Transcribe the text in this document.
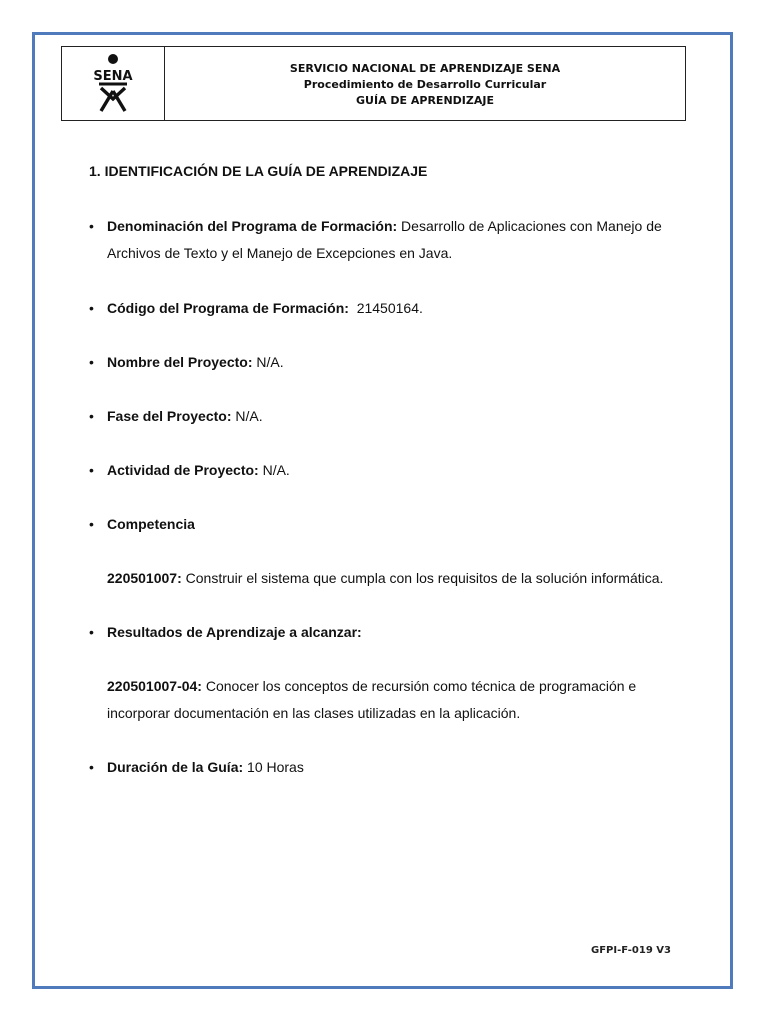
SENA
SERVICIO NACIONAL DE APRENDIZAJE SENA
Procedimiento de Desarrollo Curricular
GUÍA DE APRENDIZAJE

1. IDENTIFICACIÓN DE LA GUÍA DE APRENDIZAJE

• Denominación del Programa de Formación: Desarrollo de Aplicaciones con Manejo de Archivos de Texto y el Manejo de Excepciones en Java.
• Código del Programa de Formación:  21450164.
• Nombre del Proyecto: N/A.
• Fase del Proyecto: N/A.
• Actividad de Proyecto: N/A.
• Competencia
220501007: Construir el sistema que cumpla con los requisitos de la solución informática.
• Resultados de Aprendizaje a alcanzar:
220501007-04: Conocer los conceptos de recursión como técnica de programación e incorporar documentación en las clases utilizadas en la aplicación.
• Duración de la Guía: 10 Horas
GFPI-F-019 V3
